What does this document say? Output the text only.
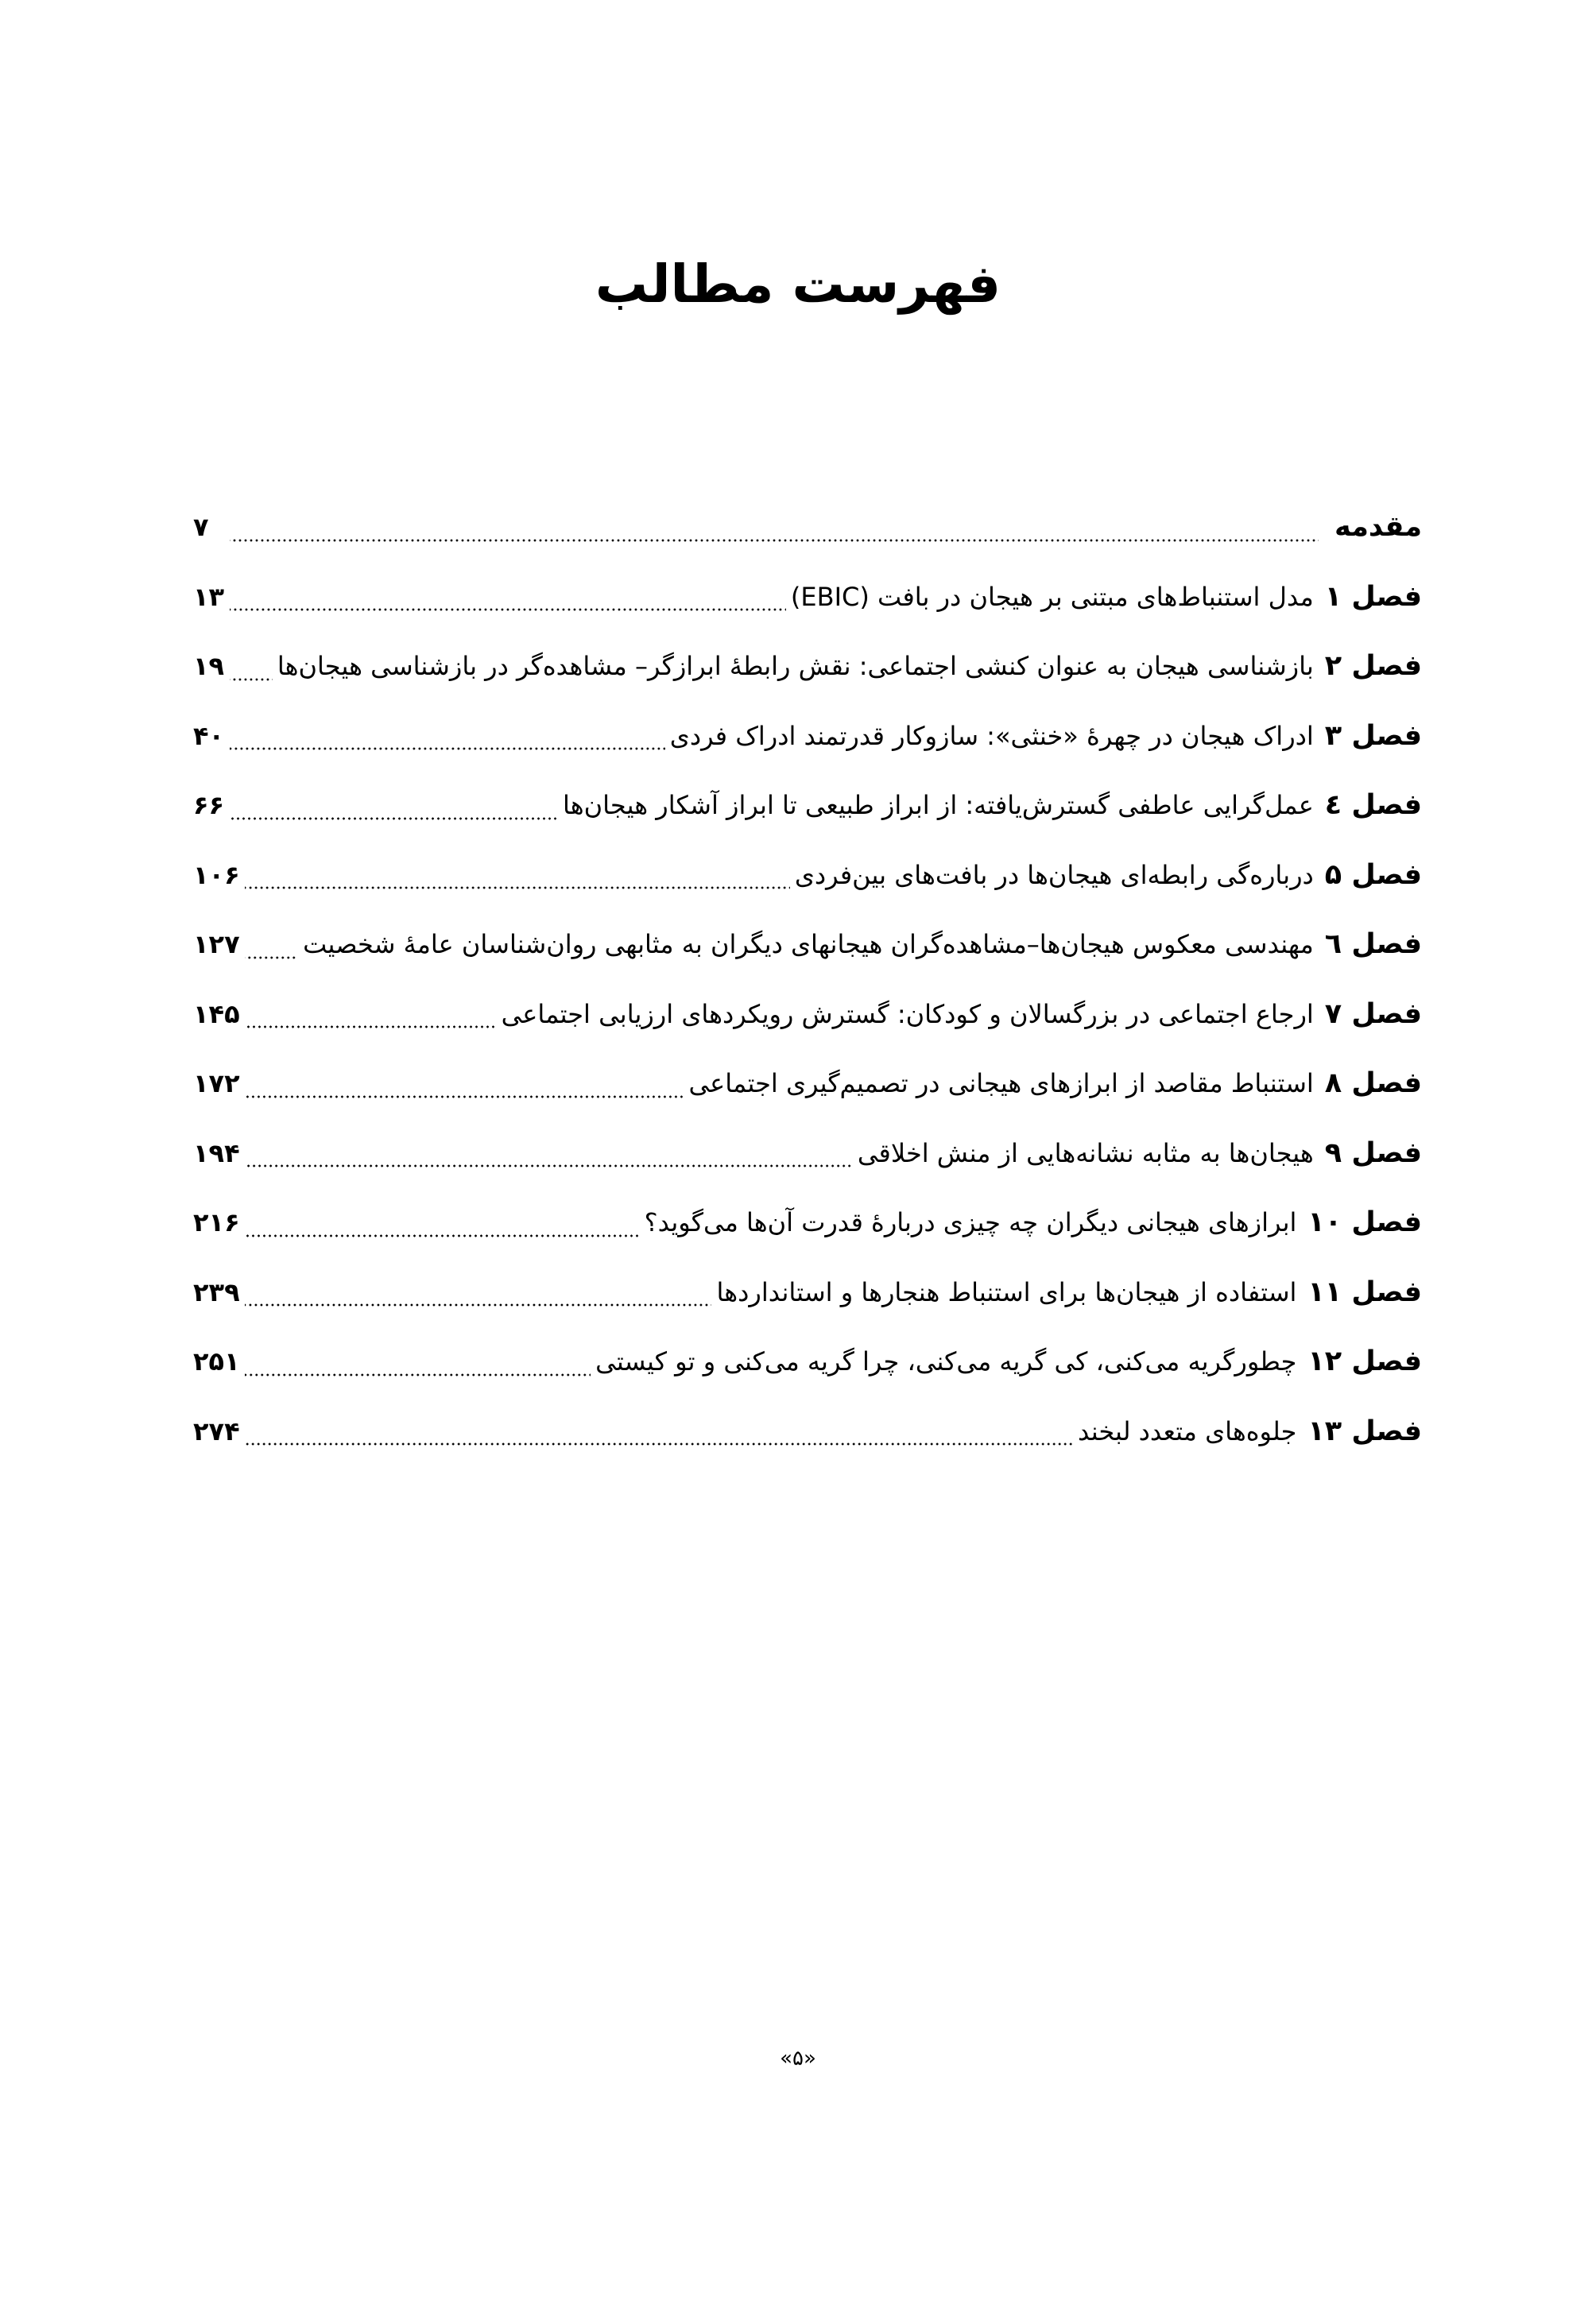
فهرست مطالب
مقدمه
۷
فصل ۱
مدل استنباط‌های مبتنی بر هیجان در بافت (EBIC)
۱۳
فصل ۲
بازشناسی هیجان به عنوان کنشی اجتماعی: نقش رابطهٔ ابرازگر– مشاهده‌گر در بازشناسی هیجان‌ها
۱۹
فصل ۳
ادراک هیجان در چهرهٔ «خنثی»: سازوکار قدرتمند ادراک فردی
۴۰
فصل ٤
عمل‌گرایی عاطفی گسترش‌یافته: از ابراز طبیعی تا ابراز آشکار هیجان‌ها
۶۶
فصل ۵
درباره‌گی رابطه‌ای هیجان‌ها در بافت‌های بین‌فردی
۱۰۶
فصل ٦
مهندسی معکوس هیجان‌ها–مشاهده‌گران هیجانهای دیگران به مثابهی روان‌شناسان عامهٔ شخصیت
۱۲۷
فصل ۷
ارجاع اجتماعی در بزرگسالان و کودکان: گسترش رویکردهای ارزیابی اجتماعی
۱۴۵
فصل ۸
استنباط مقاصد از ابرازهای هیجانی در تصمیم‌گیری اجتماعی
۱۷۲
فصل ۹
هیجان‌ها به مثابه نشانه‌هایی از منش اخلاقی
۱۹۴
فصل ۱۰
ابرازهای هیجانی دیگران چه چیزی دربارهٔ قدرت آن‌ها می‌گوید؟
۲۱۶
فصل ۱۱
استفاده از هیجان‌ها برای استنباط هنجارها و استانداردها
۲۳۹
فصل ۱۲
چطورگریه می‌کنی، کی گریه می‌کنی، چرا گریه می‌کنی و تو کیستی
۲۵۱
فصل ۱۳
جلوه‌های متعدد لبخند
۲۷۴
«۵»
